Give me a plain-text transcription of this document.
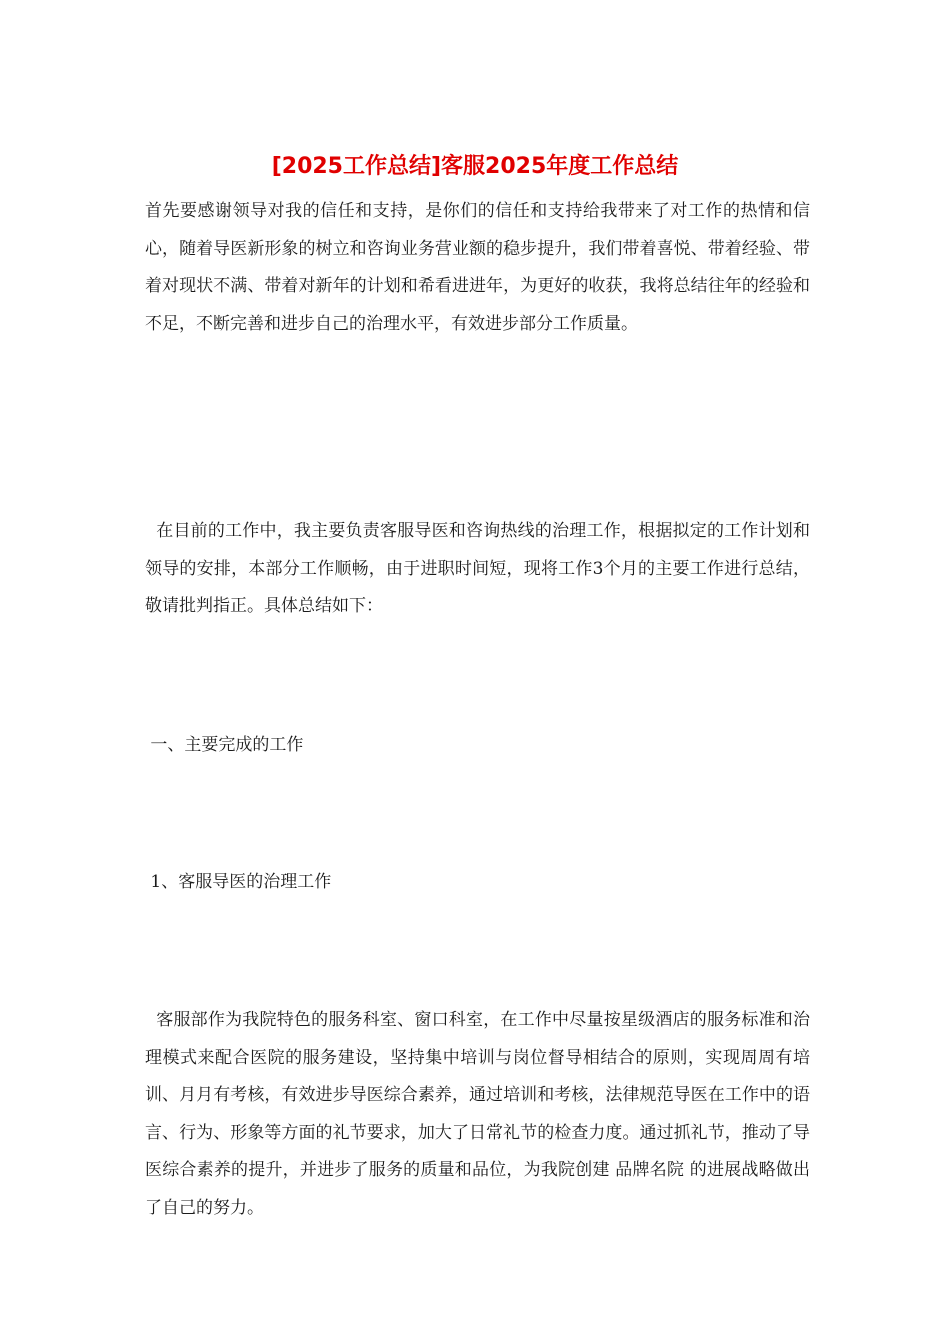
[2025工作总结]客服2025年度工作总结

首先要感谢领导对我的信任和支持，是你们的信任和支持给我带来了对工作的热情和信心，随着导医新形象的树立和咨询业务营业额的稳步提升，我们带着喜悦、带着经验、带着对现状不满、带着对新年的计划和希看进进年，为更好的收获，我将总结往年的经验和不足，不断完善和进步自己的治理水平，有效进步部分工作质量。

在目前的工作中，我主要负责客服导医和咨询热线的治理工作，根据拟定的工作计划和领导的安排，本部分工作顺畅，由于进职时间短，现将工作3个月的主要工作进行总结，敬请批判指正。具体总结如下：

一、主要完成的工作

1、客服导医的治理工作

客服部作为我院特色的服务科室、窗口科室，在工作中尽量按星级酒店的服务标准和治理模式来配合医院的服务建设，坚持集中培训与岗位督导相结合的原则，实现周周有培训、月月有考核，有效进步导医综合素养，通过培训和考核，法律规范导医在工作中的语言、行为、形象等方面的礼节要求，加大了日常礼节的检查力度。通过抓礼节，推动了导医综合素养的提升，并进步了服务的质量和品位，为我院创建 品牌名院 的进展战略做出了自己的努力。
